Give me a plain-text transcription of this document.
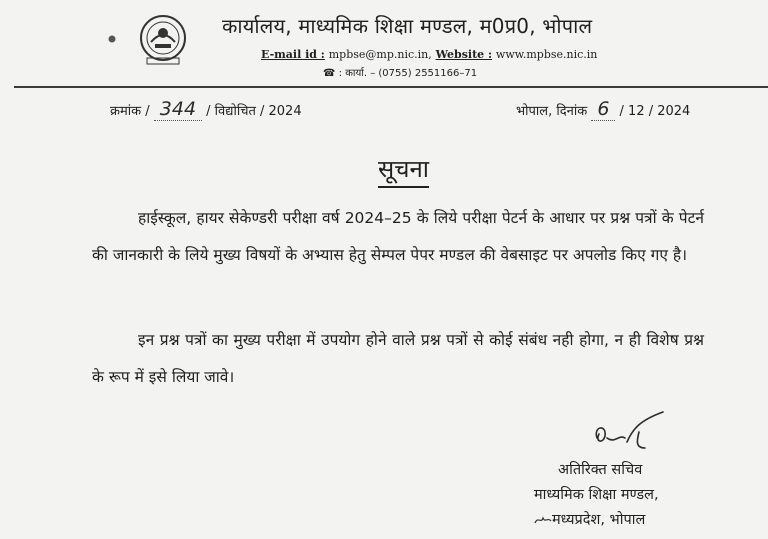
कार्यालय, माध्यमिक शिक्षा मण्डल, म0प्र0, भोपाल
E-mail id : mpbse@mp.nic.in, Website : www.mpbse.nic.in
☎ : कार्या. – (0755) 2551166–71
क्रमांक / 344 / विद्योचित / 2024	भोपाल, दिनांक 6 / 12 / 2024
सूचना
हाईस्कूल, हायर सेकेण्डरी परीक्षा वर्ष 2024–25 के लिये परीक्षा पेटर्न के आधार पर प्रश्न पत्रों के पेटर्न की जानकारी के लिये मुख्य विषयों के अभ्यास हेतु सेम्पल पेपर मण्डल की वेबसाइट पर अपलोड किए गए है।
इन प्रश्न पत्रों का मुख्य परीक्षा में उपयोग होने वाले प्रश्न पत्रों से कोई संबंध नही होगा, न ही विशेष प्रश्न के रूप में इसे लिया जावे।
अतिरिक्त सचिव
माध्यमिक शिक्षा मण्डल,
मध्यप्रदेश, भोपाल
